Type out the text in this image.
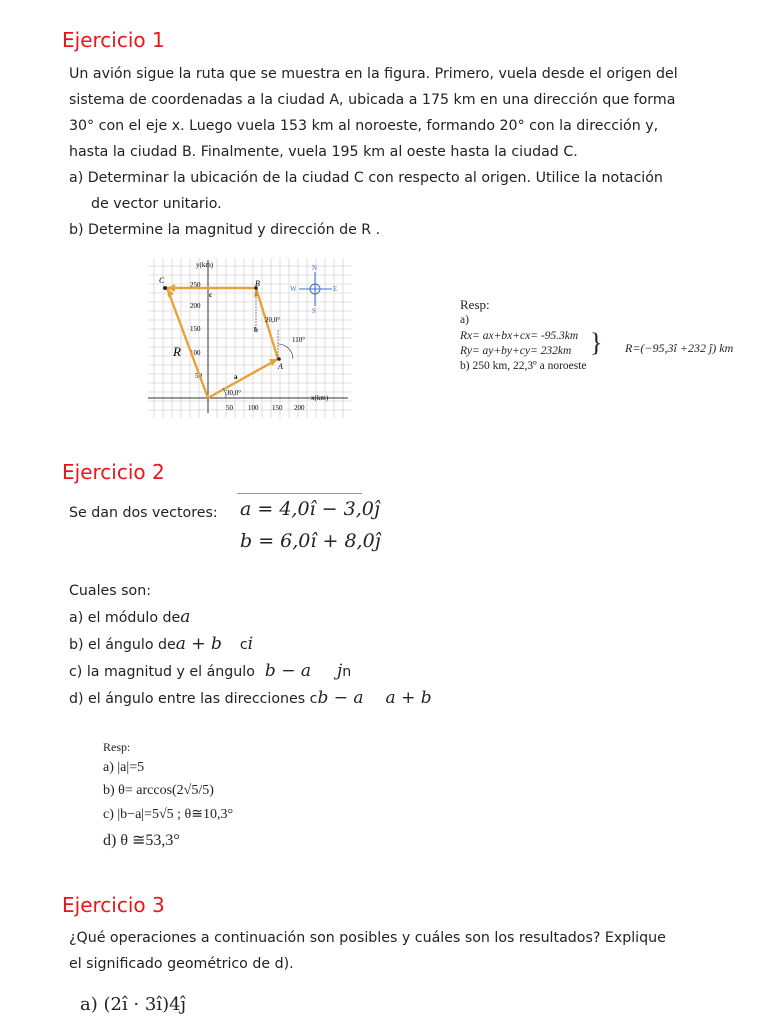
Ejercicio 1
Un avión sigue la ruta que se muestra en la figura. Primero, vuela desde el origen del
sistema de coordenadas a la ciudad A, ubicada a 175 km en una dirección que forma
30° con el eje x. Luego vuela 153 km al noroeste, formando 20° con la dirección y,
hasta la ciudad B. Finalmente, vuela 195 km al oeste hasta la ciudad C.
a) Determinar la ubicación de la ciudad C con respecto al origen. Utilice la notación
de vector unitario.
b) Determine la magnitud y dirección de R .
y(km)
x(km)
250
200
150
100
50
50 100 150 200
C	B
A
a
b
c
R
20,0°
110°
30,0°
N
S
E
W
Resp:
a)
Rx= ax+bx+cx= -95.3km
Ry= ay+by+cy= 232km } R=(−95,3î +232 ĵ) km
b) 250 km, 22,3º a noroeste
Ejercicio 2
Se dan dos vectores: a = 4,0î − 3,0ĵ
b = 6,0î + 8,0ĵ
Cuales son:
a) el módulo dea
b) el ángulo dea + b ci
c) la magnitud y el ángulo b − a jn
d) el ángulo entre las direcciones cb − a a + b
Resp:
a) |a|=5
b) θ= arccos(2√5/5)
c) |b−a|=5√5 ; θ≅10,3°
d) θ ≅53,3°
Ejercicio 3
¿Qué operaciones a continuación son posibles y cuáles son los resultados? Explique
el significado geométrico de d).
a) (2î · 3î)4ĵ
